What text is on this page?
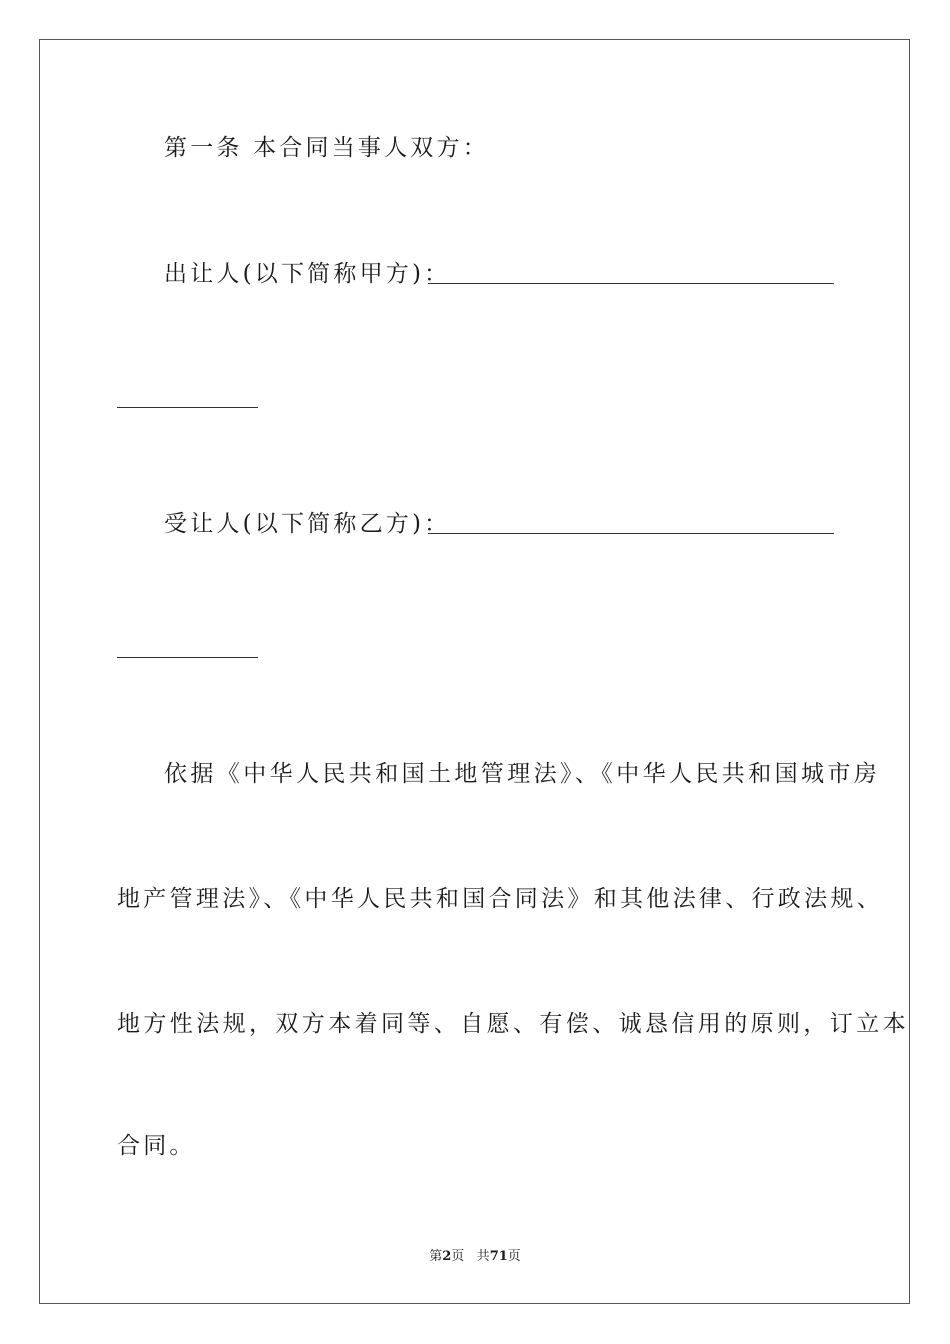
第一条 本合同当事人双方：
出让人(以下简称甲方)：
受让人(以下简称乙方)：
依据《中华人民共和国土地管理法》、《中华人民共和国城市房
地产管理法》、《中华人民共和国合同法》和其他法律、行政法规、
地方性法规，双方本着同等、自愿、有偿、诚恳信用的原则，订立本
合同。
第2页 共71页
